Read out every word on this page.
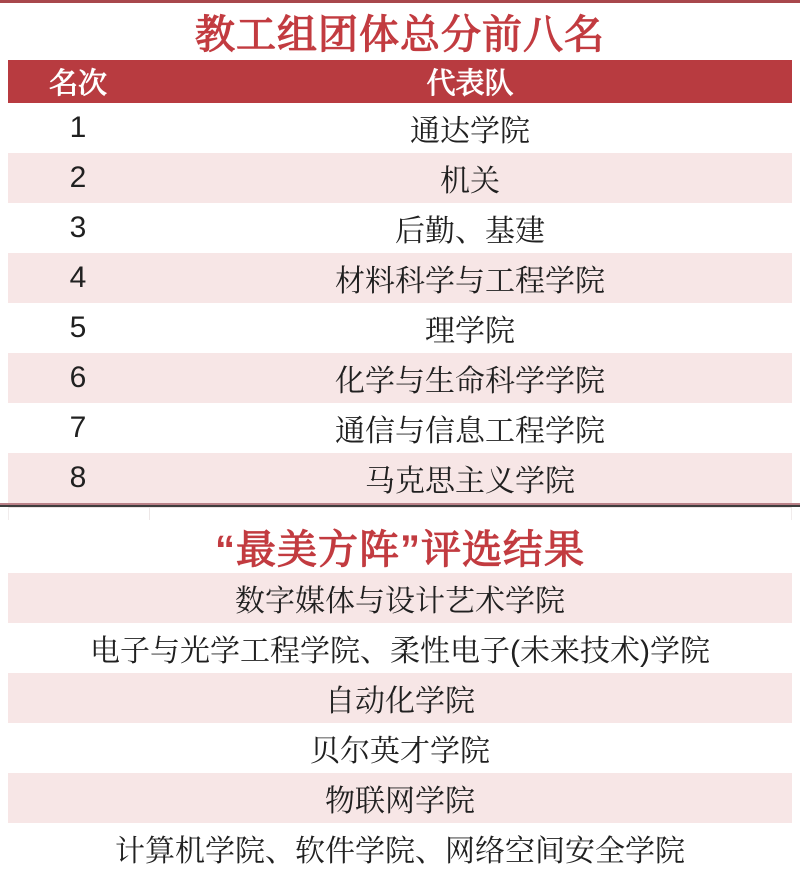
教工组团体总分前八名
名次	代表队
1	通达学院
2	机关
3	后勤、基建
4	材料科学与工程学院
5	理学院
6	化学与生命科学学院
7	通信与信息工程学院
8	马克思主义学院
“最美方阵”评选结果
数字媒体与设计艺术学院
电子与光学工程学院、柔性电子(未来技术)学院
自动化学院
贝尔英才学院
物联网学院
计算机学院、软件学院、网络空间安全学院
